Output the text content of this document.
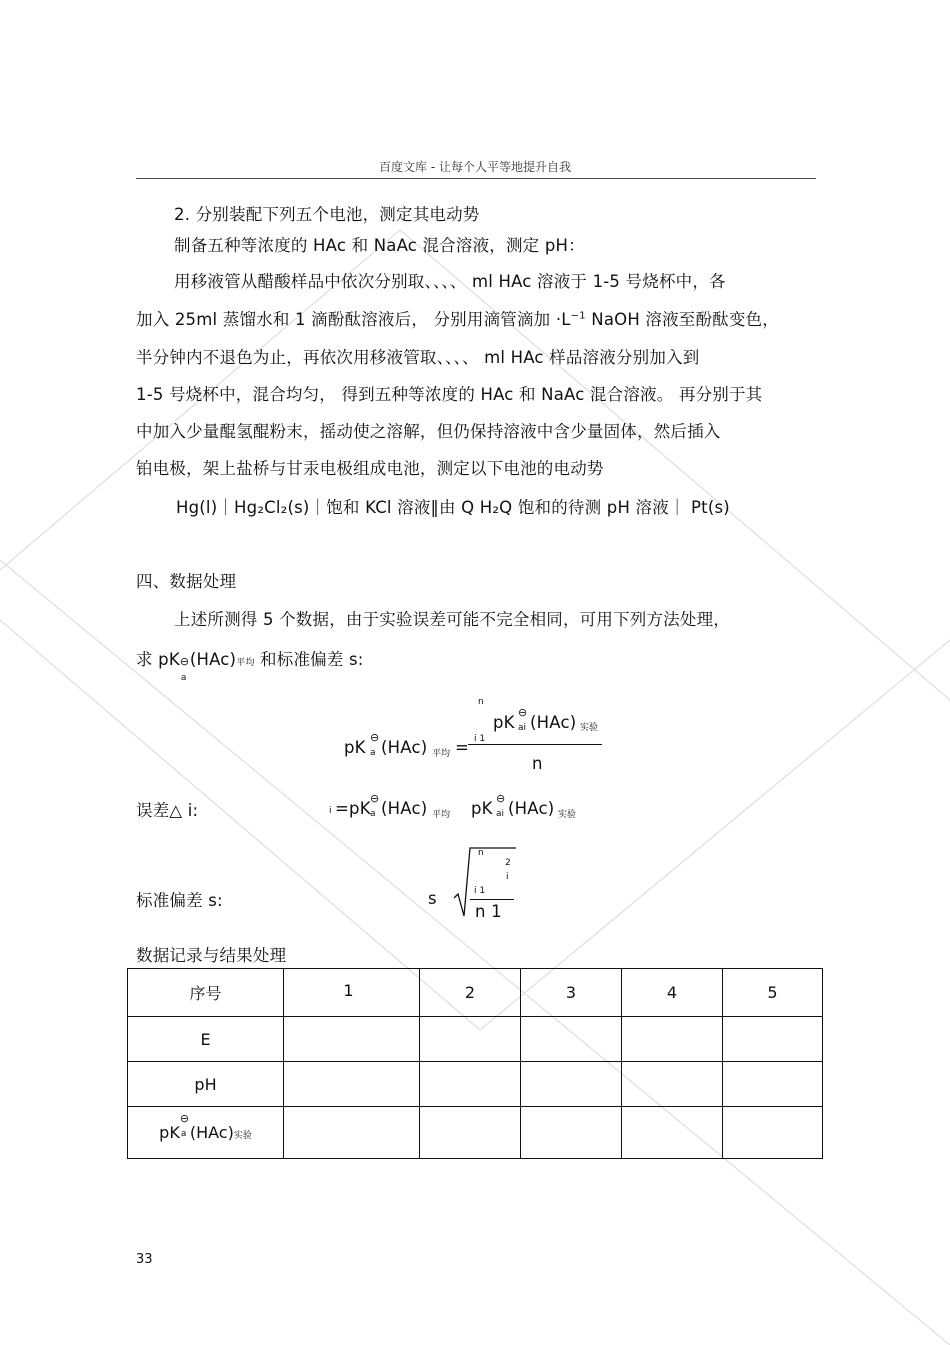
百度文库 - 让每个人平等地提升自我
2. 分别装配下列五个电池，测定其电动势
制备五种等浓度的 HAc 和 NaAc 混合溶液，测定 pH：
用移液管从醋酸样品中依次分别取、、、、 ml HAc 溶液于 1-5 号烧杯中，各
加入 25ml 蒸馏水和 1 滴酚酞溶液后， 分别用滴管滴加 $\cdot L^{-1}$ NaOH 溶液至酚酞变色，
半分钟内不退色为止，再依次用移液管取、、、、 ml HAc 样品溶液分别加入到
1-5 号烧杯中，混合均匀， 得到五种等浓度的 HAc 和 NaAc 混合溶液。 再分别于其
中加入少量醌氢醌粉末，摇动使之溶解，但仍保持溶液中含少量固体，然后插入
铂电极，架上盐桥与甘汞电极组成电池，测定以下电池的电动势
Hg(l)｜Hg₂Cl₂(s)｜饱和 KCl 溶液‖由 Q H₂Q 饱和的待测 pH 溶液｜ Pt(s)
四、数据处理
上述所测得 5 个数据，由于实验误差可能不完全相同，可用下列方法处理，
求 pK ⊖
a
(HAc)平均 和标准偏差 s:
pK
⊖
a (HAc) 平均 =
n
i 1
pK
⊖
ai (HAc) 实验
n
误差△ i:	i =pK
⊖
a (HAc) 平均 pK
⊖
ai (HAc) 实验
标准偏差 s:	s
n
2
i
i 1
n 1
数据记录与结果处理
序号	1	2	3	4	5
E					
pH					
pK
⊖
a (HAc)实验					
33
